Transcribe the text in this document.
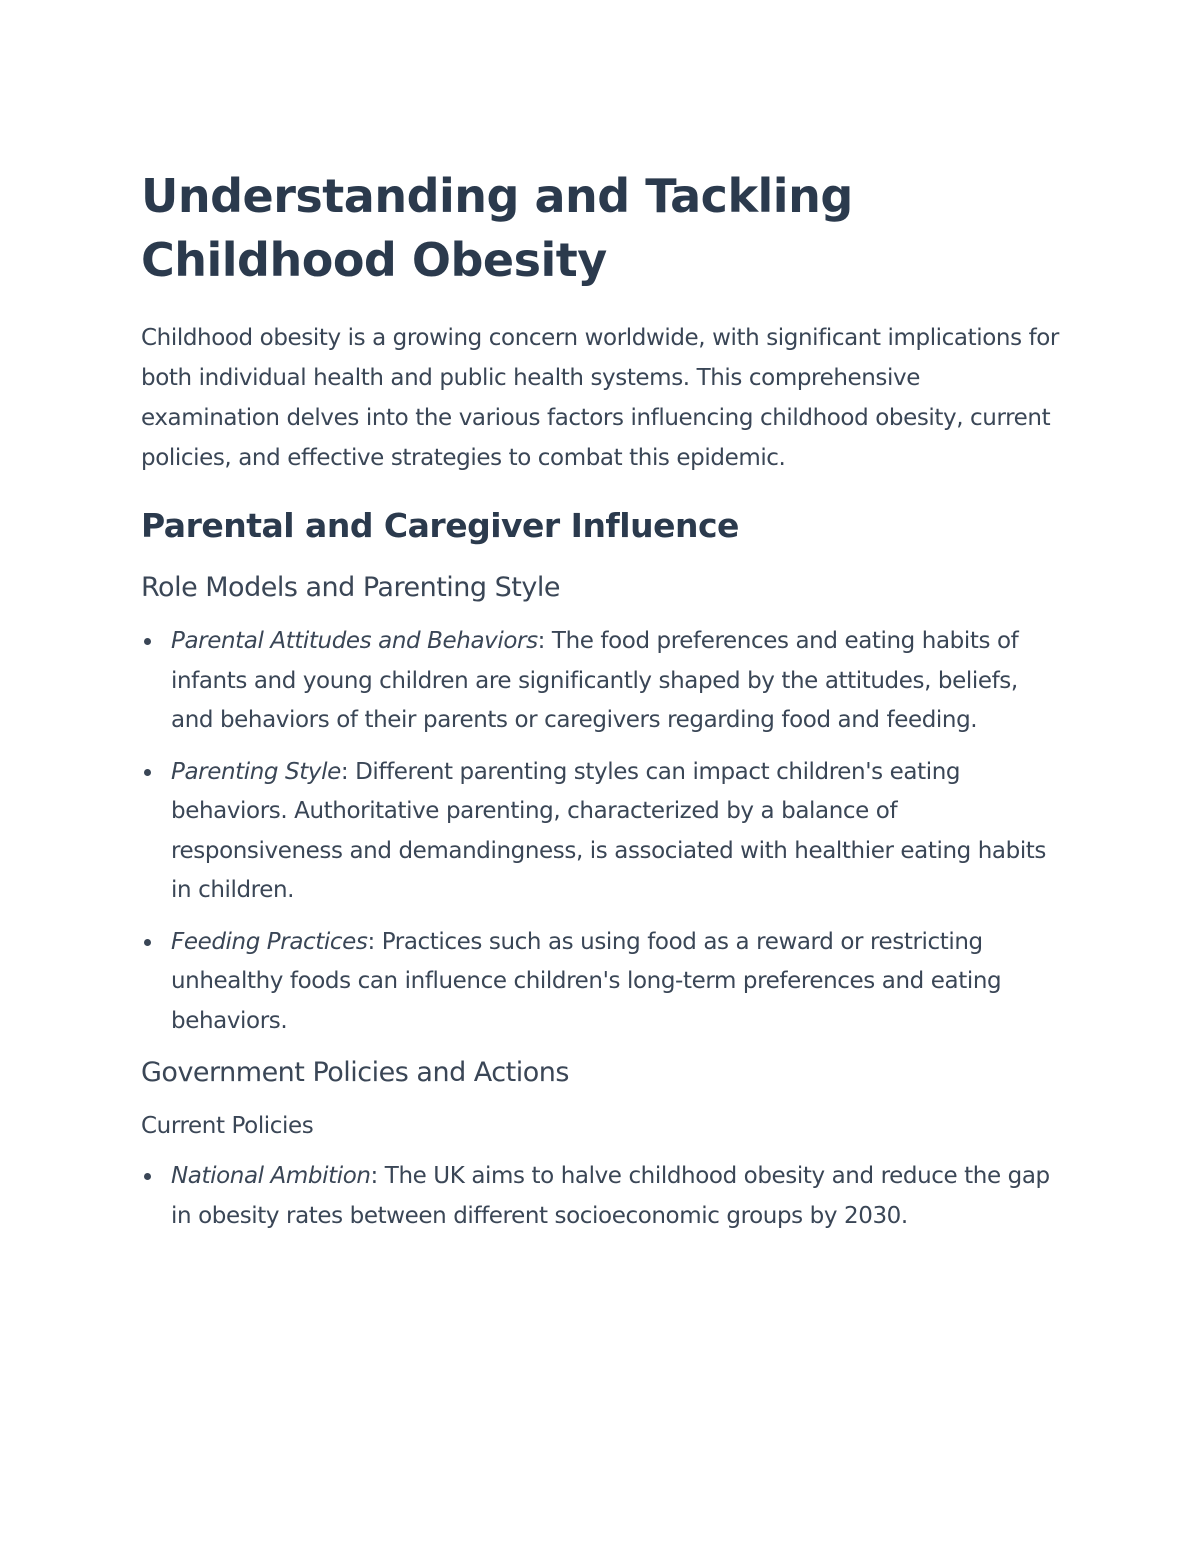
Understanding and Tackling Childhood Obesity

Childhood obesity is a growing concern worldwide, with significant implications for both individual health and public health systems. This comprehensive examination delves into the various factors influencing childhood obesity, current policies, and effective strategies to combat this epidemic.

Parental and Caregiver Influence
Role Models and Parenting Style
Parental Attitudes and Behaviors: The food preferences and eating habits of infants and young children are significantly shaped by the attitudes, beliefs, and behaviors of their parents or caregivers regarding food and feeding.
Parenting Style: Different parenting styles can impact children's eating behaviors. Authoritative parenting, characterized by a balance of responsiveness and demandingness, is associated with healthier eating habits in children.
Feeding Practices: Practices such as using food as a reward or restricting unhealthy foods can influence children's long-term preferences and eating behaviors.
Government Policies and Actions
Current Policies
National Ambition: The UK aims to halve childhood obesity and reduce the gap in obesity rates between different socioeconomic groups by 2030.
